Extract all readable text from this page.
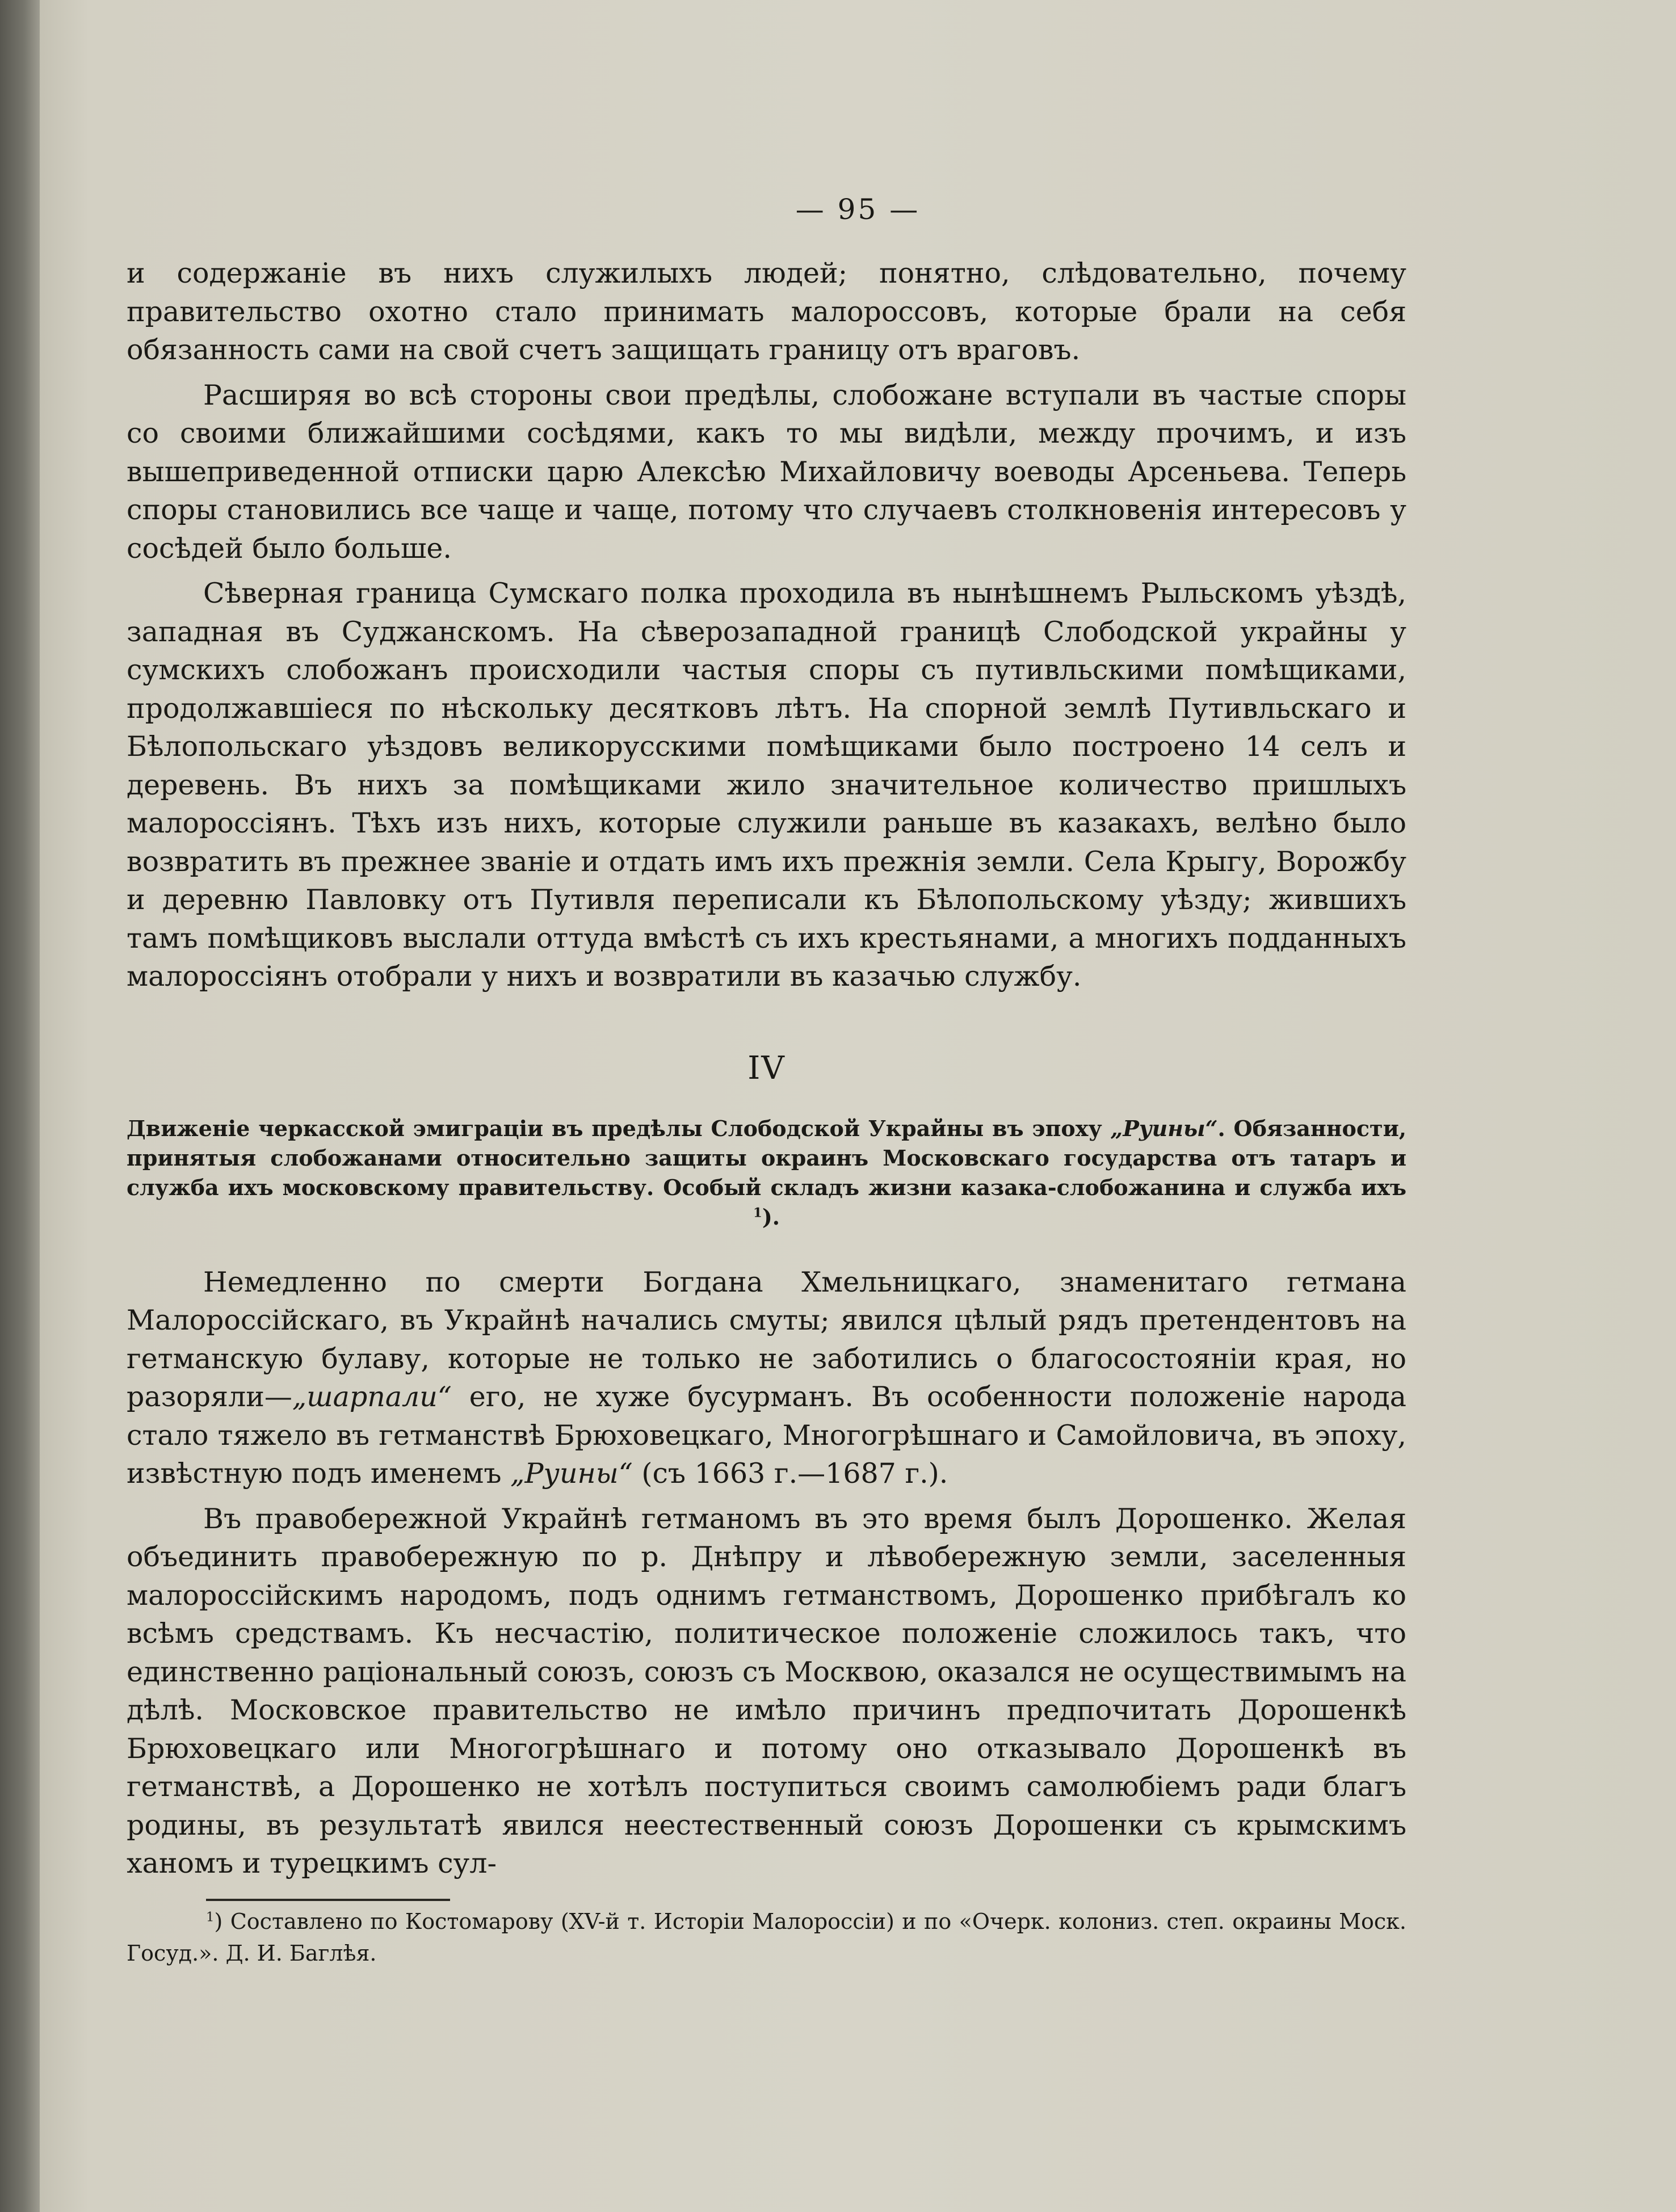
— 95 —

и содержаніе въ нихъ служилыхъ людей; понятно, слѣдовательно, почему правительство охотно стало принимать малороссовъ, которые брали на себя обязанность сами на свой счетъ защищать границу отъ враговъ.

Расширяя во всѣ стороны свои предѣлы, слобожане вступали въ частые споры со своими ближайшими сосѣдями, какъ то мы видѣли, между прочимъ, и изъ вышеприведенной отписки царю Алексѣю Михайловичу воеводы Арсеньева. Теперь споры становились все чаще и чаще, потому что случаевъ столкновенія интересовъ у сосѣдей было больше.

Сѣверная граница Сумскаго полка проходила въ нынѣшнемъ Рыльскомъ уѣздѣ, западная въ Суджанскомъ. На сѣверозападной границѣ Слободской украйны у сумскихъ слобожанъ происходили частыя споры съ путивльскими помѣщиками, продолжавшіеся по нѣскольку десятковъ лѣтъ. На спорной землѣ Путивльскаго и Бѣлопольскаго уѣздовъ великорусскими помѣщиками было построено 14 селъ и деревень. Въ нихъ за помѣщиками жило значительное количество пришлыхъ малороссіянъ. Тѣхъ изъ нихъ, которые служили раньше въ казакахъ, велѣно было возвратить въ прежнее званіе и отдать имъ ихъ прежнія земли. Села Крыгу, Ворожбу и деревню Павловку отъ Путивля переписали къ Бѣлопольскому уѣзду; жившихъ тамъ помѣщиковъ выслали оттуда вмѣстѣ съ ихъ крестьянами, а многихъ подданныхъ малороссіянъ отобрали у нихъ и возвратили въ казачью службу.

IV

Движеніе черкасской эмиграціи въ предѣлы Слободской Украйны въ эпоху „Руины“. Обязанности, принятыя слобожанами относительно защиты окраинъ Московскаго государства отъ татаръ и служба ихъ московскому правительству. Особый складъ жизни казака-слобожанина и служба ихъ $^1$).

Немедленно по смерти Богдана Хмельницкаго, знаменитаго гетмана Малороссійскаго, въ Украйнѣ начались смуты; явился цѣлый рядъ претендентовъ на гетманскую булаву, которые не только не заботились о благосостояніи края, но разоряли—„шарпали“ его, не хуже бусурманъ. Въ особенности положеніе народа стало тяжело въ гетманствѣ Брюховецкаго, Многогрѣшнаго и Самойловича, въ эпоху, извѣстную подъ именемъ „Руины“ (съ 1663 г.—1687 г.).

Въ правобережной Украйнѣ гетманомъ въ это время былъ Дорошенко. Желая объединить правобережную по р. Днѣпру и лѣвобережную земли, заселенныя малороссійскимъ народомъ, подъ однимъ гетманствомъ, Дорошенко прибѣгалъ ко всѣмъ средствамъ. Къ несчастію, политическое положеніе сложилось такъ, что единственно раціональный союзъ, союзъ съ Москвою, оказался не осуществимымъ на дѣлѣ. Московское правительство не имѣло причинъ предпочитать Дорошенкѣ Брюховецкаго или Многогрѣшнаго и потому оно отказывало Дорошенкѣ въ гетманствѣ, а Дорошенко не хотѣлъ поступиться своимъ самолюбіемъ ради благъ родины, въ результатѣ явился неестественный союзъ Дорошенки съ крымскимъ ханомъ и турецкимъ сул-

$^1$) Составлено по Костомарову (XV-й т. Исторіи Малороссіи) и по «Очерк. колониз. степ. окраины Моск. Госуд.». Д. И. Баглѣя.
